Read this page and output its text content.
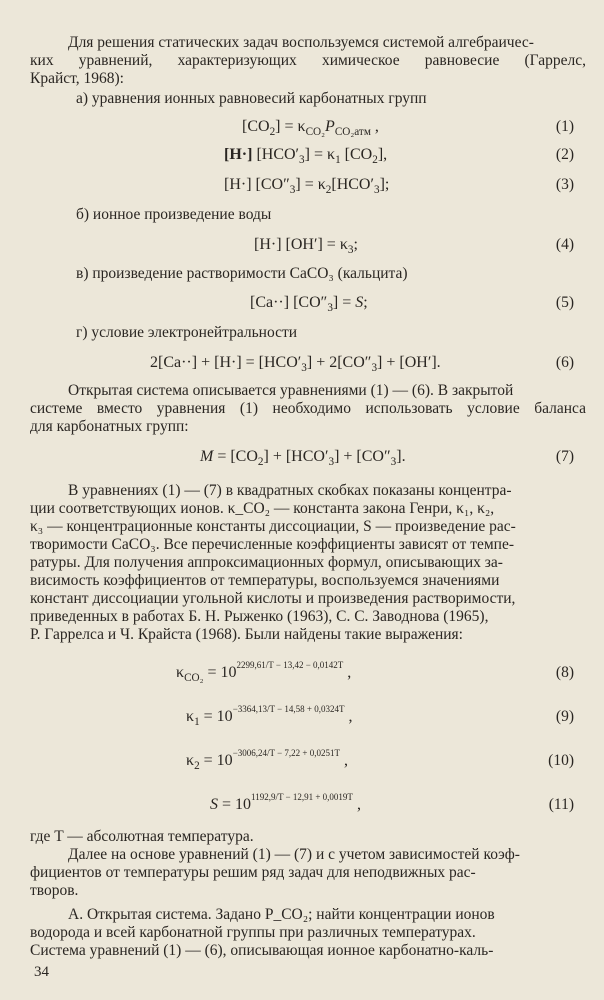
Для решения статических задач воспользуемся системой алгебраичес-
ких уравнений, характеризующих химическое равновесие (Гаррелс,
Крайст, 1968):
а) уравнения ионных равновесий карбонатных групп
$[CO_2] = \kappa_{CO_2}P_{CO_2атм}$ ,	(1)
[H·] $[HCO'_3] = \kappa_1$ $[CO_2]$,	(2)
[H·] $[CO''_3] = \kappa_2[HCO'_3]$;	(3)
б) ионное произведение воды
[H·] $[OH'] = \kappa_3$;	(4)
в) произведение растворимости CaCO₃ (кальцита)
[Ca··] $[CO''_3] = S$;	(5)
г) условие электронейтральности
$2[Ca\cdot\cdot] + [H\cdot] = [HCO'_3] + 2[CO''_3] + [OH']$.	(6)
Открытая система описывается уравнениями (1) — (6). В закрытой
системе вместо уравнения (1) необходимо использовать условие баланса
для карбонатных групп:
$M = [CO_2] + [HCO'_3] + [CO''_3]$.	(7)
В уравнениях (1) — (7) в квадратных скобках показаны концентра-
ции соответствующих ионов. κ_CO₂ — константа закона Генри, κ₁, κ₂,
κ₃ — концентрационные константы диссоциации, S — произведение рас-
творимости CaCO₃. Все перечисленные коэффициенты зависят от темпе-
ратуры. Для получения аппроксимационных формул, описывающих за-
висимость коэффициентов от температуры, воспользуемся значениями
констант диссоциации угольной кислоты и произведения растворимости,
приведенных в работах Б. Н. Рыженко (1963), С. С. Заводнова (1965),
Р. Гаррелса и Ч. Крайста (1968). Были найдены такие выражения:
$\kappa_{CO_2} = 10^{2299,61/T - 13,42 - 0,0142T}$ ,	(8)
$\kappa_1 = 10^{-3364,13/T - 14,58 + 0,0324T}$ ,	(9)
$\kappa_2 = 10^{-3006,24/T - 7,22 + 0,0251T}$ ,	(10)
$S = 10^{1192,9/T - 12,91 + 0,0019T}$ ,	(11)
где T — абсолютная температура.
Далее на основе уравнений (1) — (7) и с учетом зависимостей коэф-
фициентов от температуры решим ряд задач для неподвижных рас-
творов.
А. Открытая система. Задано P_CO₂; найти концентрации ионов
водорода и всей карбонатной группы при различных температурах.
Система уравнений (1) — (6), описывающая ионное карбонатно-каль-
34
